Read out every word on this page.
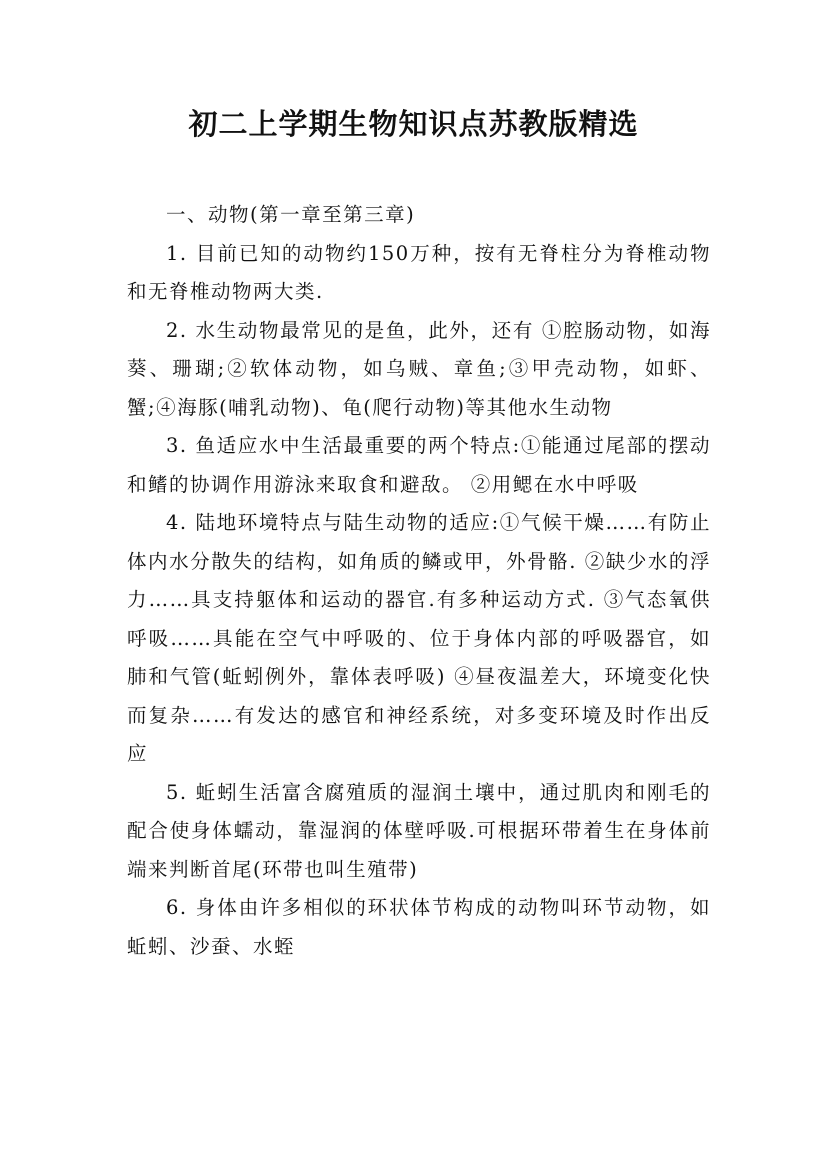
初二上学期生物知识点苏教版精选

一、动物(第一章至第三章)

1. 目前已知的动物约150万种，按有无脊柱分为脊椎动物和无脊椎动物两大类.

2. 水生动物最常见的是鱼，此外，还有 ①腔肠动物，如海葵、珊瑚;②软体动物，如乌贼、章鱼;③甲壳动物，如虾、蟹;④海豚(哺乳动物)、龟(爬行动物)等其他水生动物

3. 鱼适应水中生活最重要的两个特点:①能通过尾部的摆动和鳍的协调作用游泳来取食和避敌。 ②用鳃在水中呼吸

4. 陆地环境特点与陆生动物的适应:①气候干燥……有防止体内水分散失的结构，如角质的鳞或甲，外骨骼. ②缺少水的浮力……具支持躯体和运动的器官.有多种运动方式. ③气态氧供呼吸……具能在空气中呼吸的、位于身体内部的呼吸器官，如肺和气管(蚯蚓例外，靠体表呼吸) ④昼夜温差大，环境变化快而复杂……有发达的感官和神经系统，对多变环境及时作出反应

5. 蚯蚓生活富含腐殖质的湿润土壤中，通过肌肉和刚毛的配合使身体蠕动，靠湿润的体壁呼吸.可根据环带着生在身体前端来判断首尾(环带也叫生殖带)

6. 身体由许多相似的环状体节构成的动物叫环节动物，如蚯蚓、沙蚕、水蛭
